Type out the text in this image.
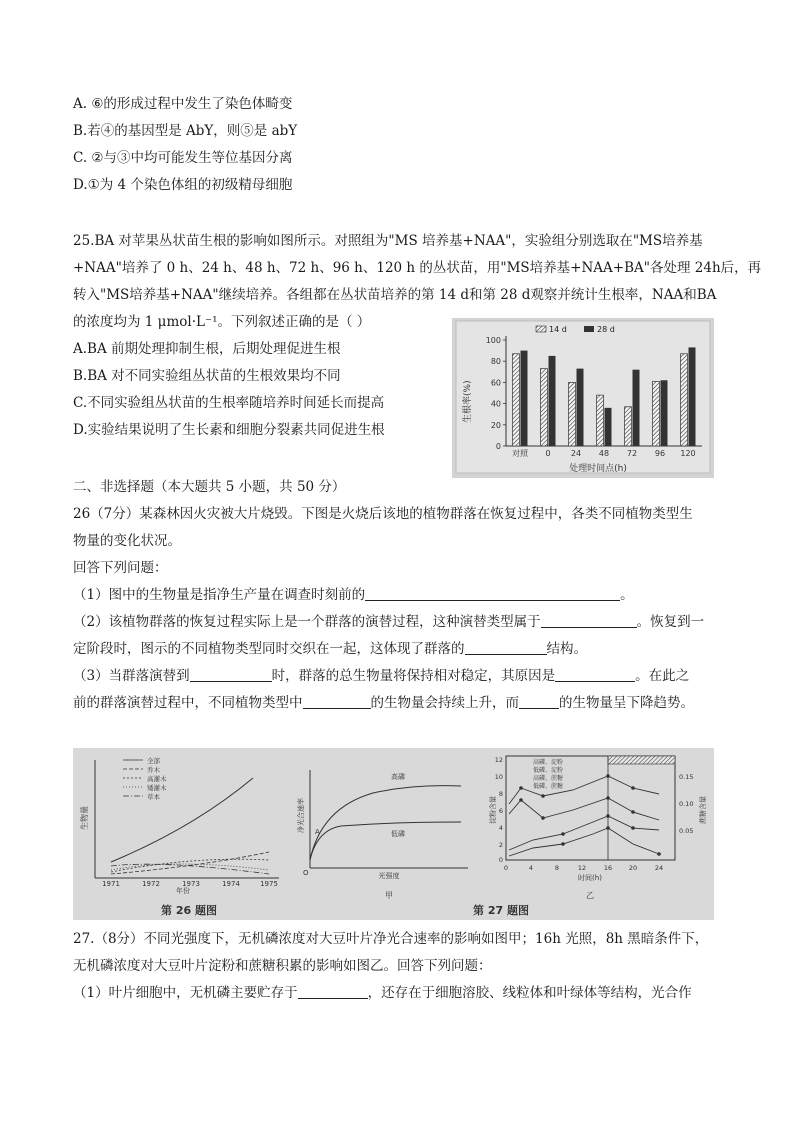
A. ⑥的形成过程中发生了染色体畸变
B.若④的基因型是 AbY，则⑤是 abY
C. ②与③中均可能发生等位基因分离
D.①为 4 个染色体组的初级精母细胞
25.BA 对苹果丛状苗生根的影响如图所示。对照组为"MS 培养基+NAA"，实验组分别选取在"MS培养基
+NAA"培养了 0 h、24 h、48 h、72 h、96 h、120 h 的丛状苗，用"MS培养基+NAA+BA"各处理 24h后，再
转入"MS培养基+NAA"继续培养。各组都在丛状苗培养的第 14 d和第 28 d观察并统计生根率，NAA和BA
的浓度均为 1 μmol·L⁻¹。下列叙述正确的是（ ）
A.BA 前期处理抑制生根，后期处理促进生根
B.BA 对不同实验组丛状苗的生根效果均不同
C.不同实验组丛状苗的生根率随培养时间延长而提高
D.实验结果说明了生长素和细胞分裂素共同促进生根
100
80
60
40
20
0
对照 0	24 48 72 96 120
生根率(%)
处理时间点(h)
14 d	28 d
二、非选择题（本大题共 5 小题，共 50 分）
26（7分）某森林因火灾被大片烧毁。下图是火烧后该地的植物群落在恢复过程中，各类不同植物类型生
物量的变化状况。
回答下列问题：
（1）图中的生物量是指净生产量在调查时刻前的	。
（2）该植物群落的恢复过程实际上是一个群落的演替过程，这种演替类型属于	。恢复到一
定阶段时，图示的不同植物类型同时交织在一起，这体现了群落的	结构。
（3）当群落演替到	时，群落的总生物量将保持相对稳定，其原因是	。在此之
前的群落演替过程中，不同植物类型中	的生物量会持续上升，而	的生物量呈下降趋势。
生物量
年份
1971	1972	1973	1974	1975
全部
乔木
高灌木
矮灌木
草本
净光合速率
光强度
甲
O
高磷
低磷
A
淀粉含量	蔗糖含量
12
10
8
6
4
2
0
0.15
0.10
0.05
0	4	8	12	16	20	24
时间(h)
乙
高磷、淀粉
低磷、淀粉
高磷、蔗糖
低磷、蔗糖
第 26 题图	第 27 题图
27.（8分）不同光强度下，无机磷浓度对大豆叶片净光合速率的影响如图甲；16h 光照，8h 黑暗条件下，
无机磷浓度对大豆叶片淀粉和蔗糖积累的影响如图乙。回答下列问题：
（1）叶片细胞中，无机磷主要贮存于	，还存在于细胞溶胶、线粒体和叶绿体等结构，光合作
